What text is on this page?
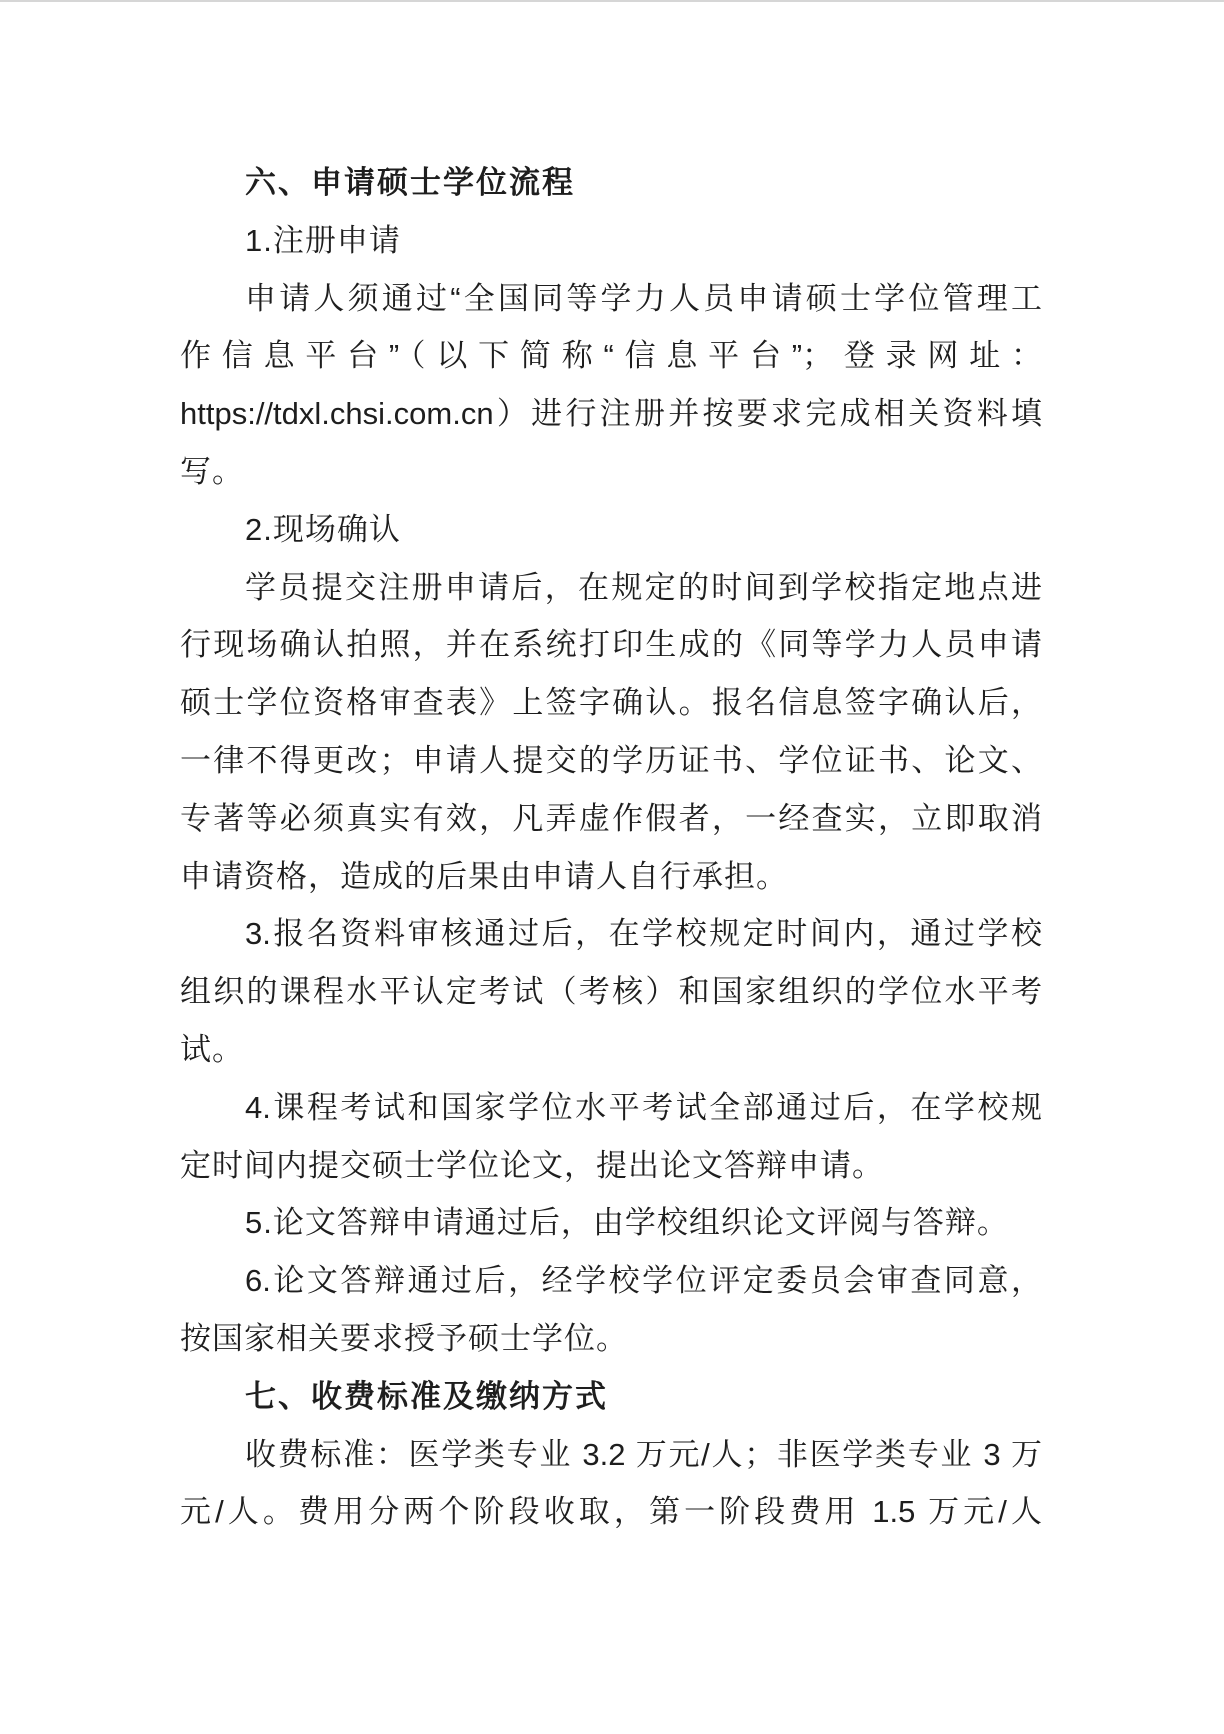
六、申请硕士学位流程
1.注册申请
申请人须通过“全国同等学力人员申请硕士学位管理工
作信息平台”（以下简称“信息平台”；登录网址：
https://tdxl.chsi.com.cn）进行注册并按要求完成相关资料填
写。
2.现场确认
学员提交注册申请后，在规定的时间到学校指定地点进
行现场确认拍照，并在系统打印生成的《同等学力人员申请
硕士学位资格审查表》上签字确认。报名信息签字确认后，
一律不得更改；申请人提交的学历证书、学位证书、论文、
专著等必须真实有效，凡弄虚作假者，一经查实，立即取消
申请资格，造成的后果由申请人自行承担。
3.报名资料审核通过后，在学校规定时间内，通过学校
组织的课程水平认定考试（考核）和国家组织的学位水平考
试。
4.课程考试和国家学位水平考试全部通过后，在学校规
定时间内提交硕士学位论文，提出论文答辩申请。
5.论文答辩申请通过后，由学校组织论文评阅与答辩。
6.论文答辩通过后，经学校学位评定委员会审查同意，
按国家相关要求授予硕士学位。
七、收费标准及缴纳方式
收费标准：医学类专业 3.2 万元/人；非医学类专业 3 万
元/人。费用分两个阶段收取，第一阶段费用 1.5 万元/人
